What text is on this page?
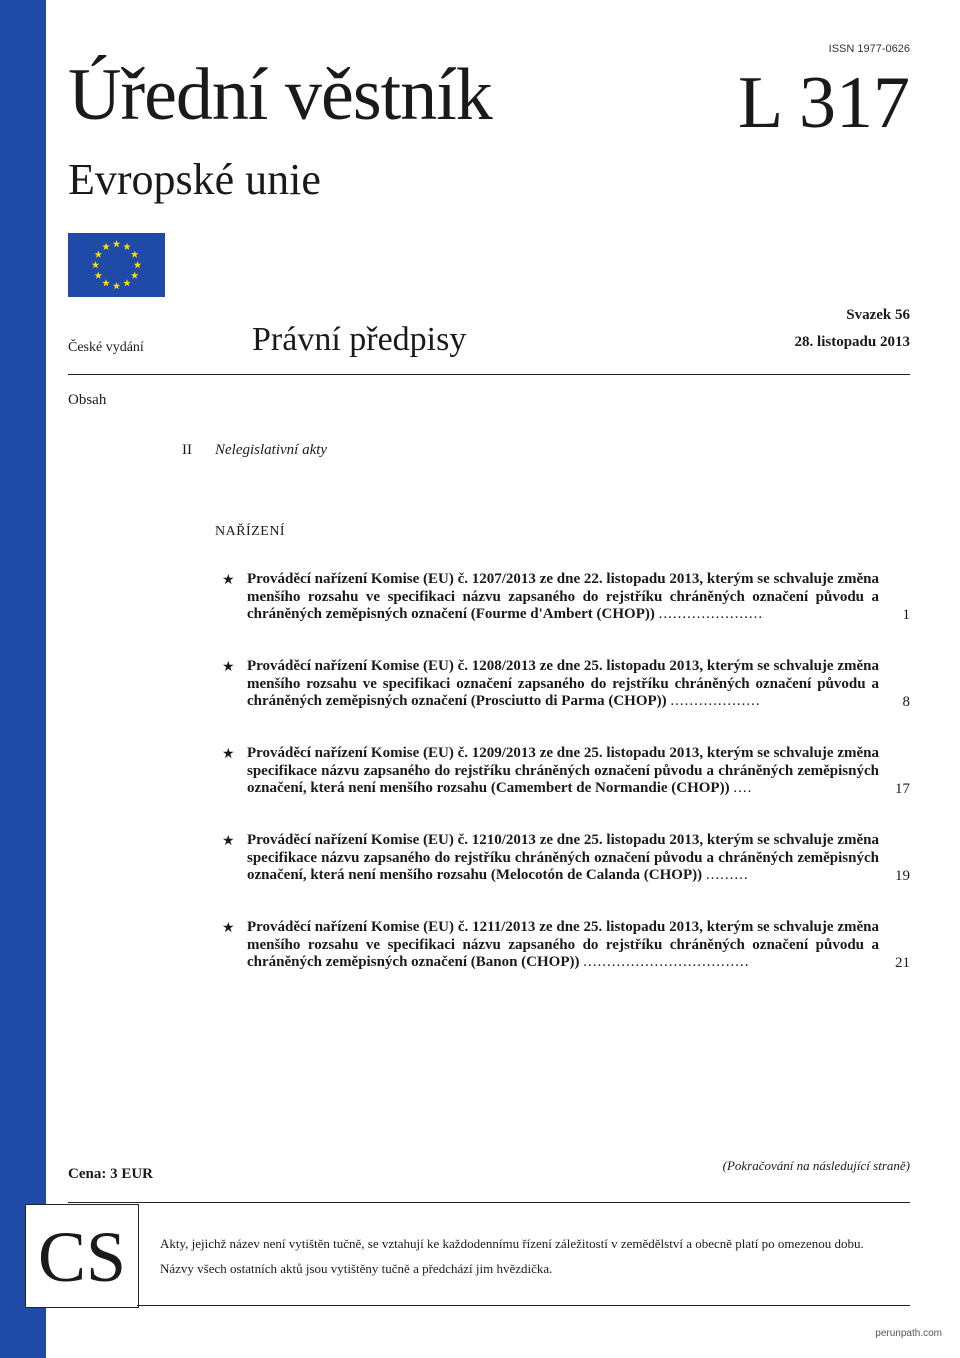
ISSN 1977-0626
Úřední věstník	L 317
Evropské unie
České vydání	Právní předpisy
Svazek 56
28. listopadu 2013
Obsah
II Nelegislativní akty
NAŘÍZENÍ
★ Prováděcí nařízení Komise (EU) č. 1207/2013 ze dne 22. listopadu 2013, kterým se schvaluje změna menšího rozsahu ve specifikaci názvu zapsaného do rejstříku chráněných označení původu a chráněných zeměpisných označení (Fourme d'Ambert (CHOP)) ......................	1
★ Prováděcí nařízení Komise (EU) č. 1208/2013 ze dne 25. listopadu 2013, kterým se schvaluje změna menšího rozsahu ve specifikaci označení zapsaného do rejstříku chráněných označení původu a chráněných zeměpisných označení (Prosciutto di Parma (CHOP)) ...................	8
★ Prováděcí nařízení Komise (EU) č. 1209/2013 ze dne 25. listopadu 2013, kterým se schvaluje změna specifikace názvu zapsaného do rejstříku chráněných označení původu a chráněných zeměpisných označení, která není menšího rozsahu (Camembert de Normandie (CHOP)) ....	17
★ Prováděcí nařízení Komise (EU) č. 1210/2013 ze dne 25. listopadu 2013, kterým se schvaluje změna specifikace názvu zapsaného do rejstříku chráněných označení původu a chráněných zeměpisných označení, která není menšího rozsahu (Melocotón de Calanda (CHOP)) .........	19
★ Prováděcí nařízení Komise (EU) č. 1211/2013 ze dne 25. listopadu 2013, kterým se schvaluje změna menšího rozsahu ve specifikaci názvu zapsaného do rejstříku chráněných označení původu a chráněných zeměpisných označení (Banon (CHOP)) ...................................	21
Cena: 3 EUR
(Pokračování na následující straně)
CS	Akty, jejichž název není vytištěn tučně, se vztahují ke každodennímu řízení záležitostí v zemědělství a obecně platí po omezenou dobu.
Názvy všech ostatních aktů jsou vytištěny tučně a předchází jim hvězdička.
perunpath.com
